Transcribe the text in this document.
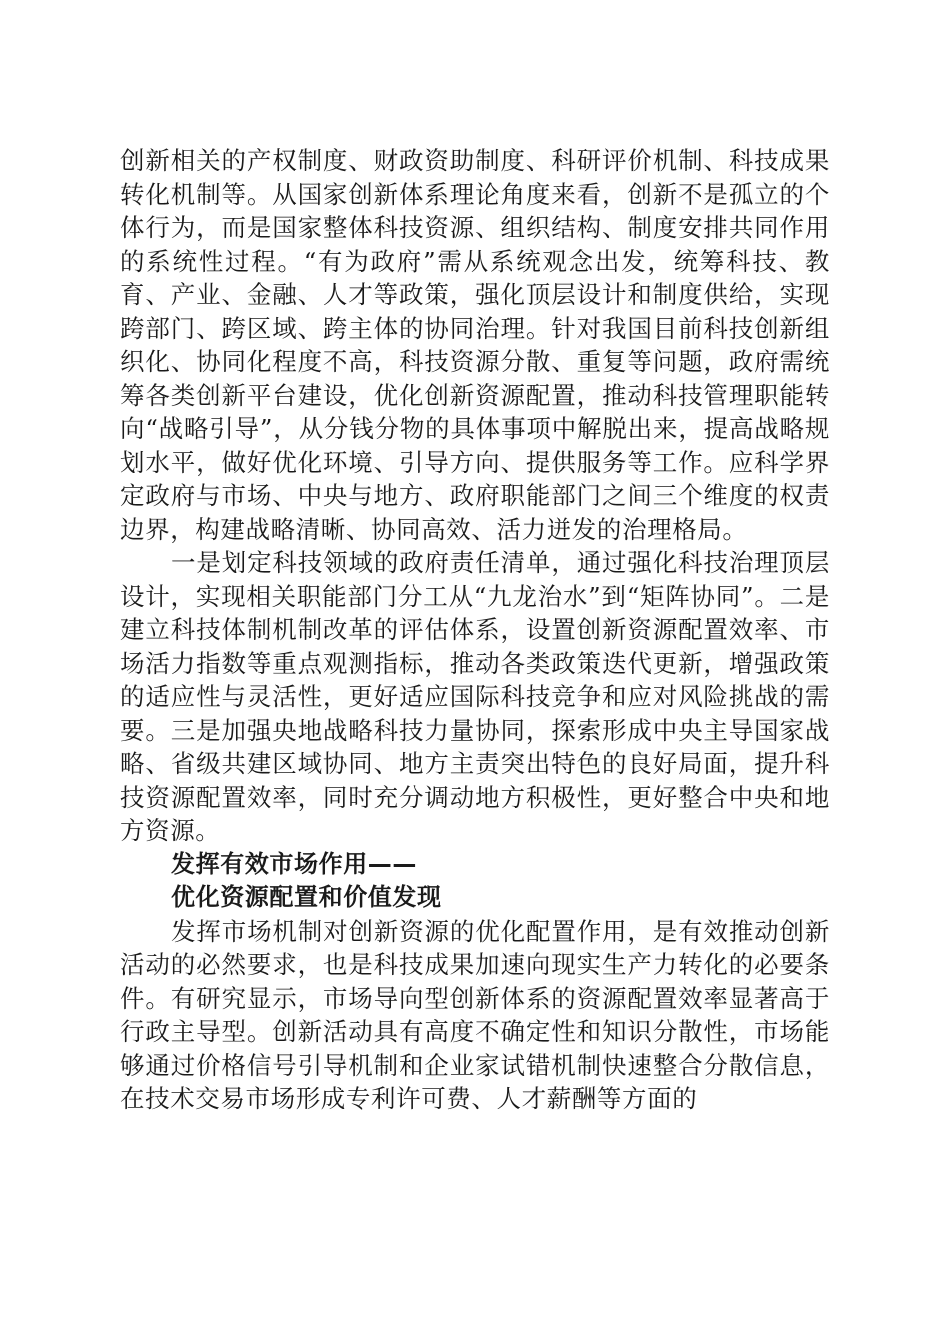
创新相关的产权制度、财政资助制度、科研评价机制、科技成果转化机制等。从国家创新体系理论角度来看，创新不是孤立的个体行为，而是国家整体科技资源、组织结构、制度安排共同作用的系统性过程。“有为政府”需从系统观念出发，统筹科技、教育、产业、金融、人才等政策，强化顶层设计和制度供给，实现跨部门、跨区域、跨主体的协同治理。针对我国目前科技创新组织化、协同化程度不高，科技资源分散、重复等问题，政府需统筹各类创新平台建设，优化创新资源配置，推动科技管理职能转向“战略引导”，从分钱分物的具体事项中解脱出来，提高战略规划水平，做好优化环境、引导方向、提供服务等工作。应科学界定政府与市场、中央与地方、政府职能部门之间三个维度的权责边界，构建战略清晰、协同高效、活力迸发的治理格局。

一是划定科技领域的政府责任清单，通过强化科技治理顶层设计，实现相关职能部门分工从“九龙治水”到“矩阵协同”。二是建立科技体制机制改革的评估体系，设置创新资源配置效率、市场活力指数等重点观测指标，推动各类政策迭代更新，增强政策的适应性与灵活性，更好适应国际科技竞争和应对风险挑战的需要。三是加强央地战略科技力量协同，探索形成中央主导国家战略、省级共建区域协同、地方主责突出特色的良好局面，提升科技资源配置效率，同时充分调动地方积极性，更好整合中央和地方资源。

发挥有效市场作用——

优化资源配置和价值发现

发挥市场机制对创新资源的优化配置作用，是有效推动创新活动的必然要求，也是科技成果加速向现实生产力转化的必要条件。有研究显示，市场导向型创新体系的资源配置效率显著高于行政主导型。创新活动具有高度不确定性和知识分散性，市场能够通过价格信号引导机制和企业家试错机制快速整合分散信息，在技术交易市场形成专利许可费、人才薪酬等方面的
